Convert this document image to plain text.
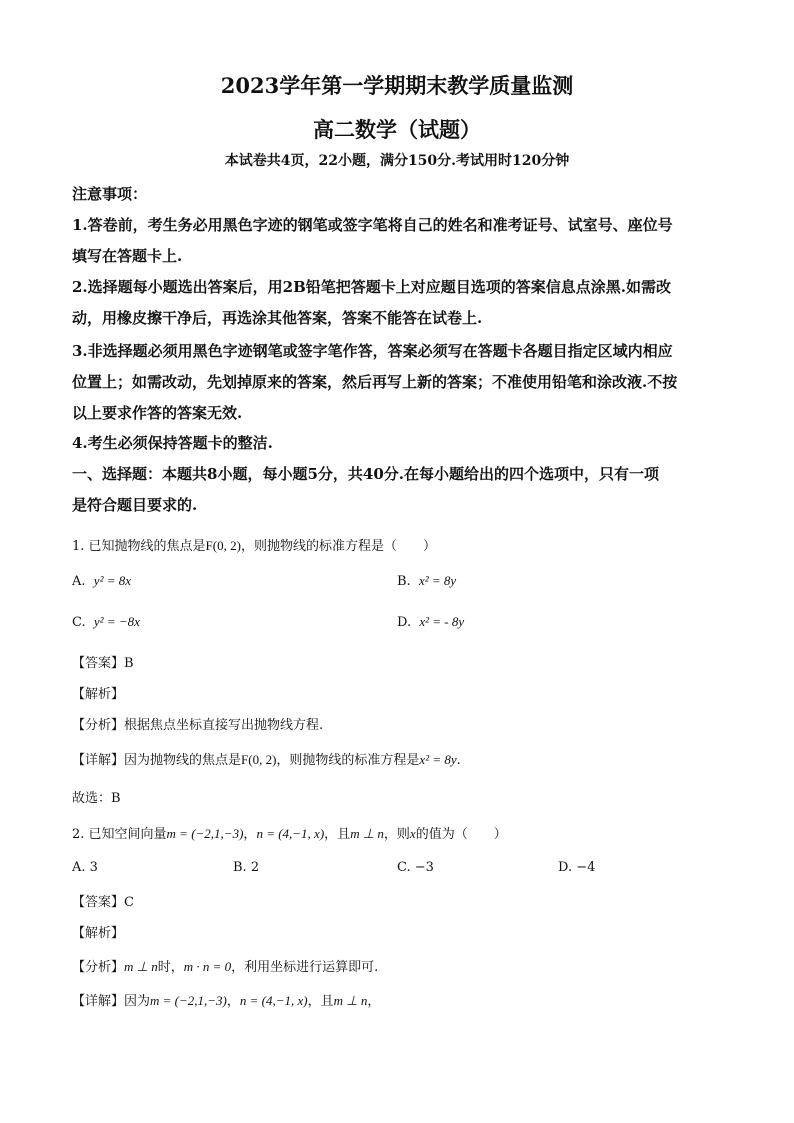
2023学年第一学期期末教学质量监测
高二数学（试题）
本试卷共4页，22小题，满分150分.考试用时120分钟
注意事项：
1.答卷前，考生务必用黑色字迹的钢笔或签字笔将自己的姓名和准考证号、试室号、座位号
填写在答题卡上.
2.选择题每小题选出答案后，用2B铅笔把答题卡上对应题目选项的答案信息点涂黑.如需改
动，用橡皮擦干净后，再选涂其他答案，答案不能答在试卷上.
3.非选择题必须用黑色字迹钢笔或签字笔作答，答案必须写在答题卡各题目指定区域内相应
位置上；如需改动，先划掉原来的答案，然后再写上新的答案；不准使用铅笔和涂改液.不按
以上要求作答的答案无效.
4.考生必须保持答题卡的整洁.
一、选择题：本题共8小题，每小题5分，共40分.在每小题给出的四个选项中，只有一项
是符合题目要求的.
1. 已知抛物线的焦点是F(0, 2)，则抛物线的标准方程是（　　）
A. y² = 8x	B. x² = 8y
C. y² = −8x	D. x² = - 8y
【答案】B
【解析】
【分析】根据焦点坐标直接写出抛物线方程.
【详解】因为抛物线的焦点是F(0, 2)，则抛物线的标准方程是x² = 8y.
故选：B
2. 已知空间向量m = (−2,1,−3)，n = (4,−1, x)，且m ⊥ n，则x的值为（　　）
A. 3	B. 2	C. −3	D. −4
【答案】C
【解析】
【分析】m ⊥ n时，m · n = 0，利用坐标进行运算即可.
【详解】因为m = (−2,1,−3)，n = (4,−1, x)，且m ⊥ n，
